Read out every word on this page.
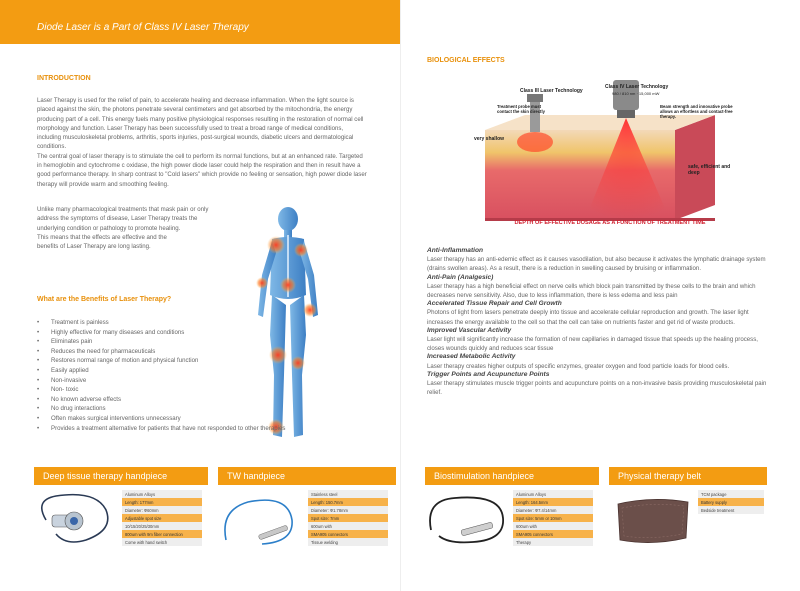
Diode Laser is a Part of Class IV Laser Therapy
INTRODUCTION

Laser Therapy is used for the relief of pain, to accelerate healing and decrease inflammation. When the light source is placed against the skin, the photons penetrate several centimeters and get absorbed by the mitochondria, the energy producing part of a cell. This energy fuels many positive physiological responses resulting in the restoration of normal cell morphology and function. Laser Therapy has been successfully used to treat a broad range of medical conditions, including musculoskeletal problems, arthritis, sports injuries, post-surgical wounds, diabetic ulcers and dermatological conditions.

The central goal of laser therapy is to stimulate the cell to perform its normal functions, but at an enhanced rate. Targeted in hemoglobin and cytochrome c oxidase, the high power diode laser could help the respiration and then in result have a good performance therapy. In sharp contrast to "Cold lasers" which provide no feeling or sensation, high power diode laser therapy will provide warm and smoothing feeling.

Unlike many pharmacological treatments that mask pain or only

address the symptoms of disease, Laser Therapy treats the

underlying condition or pathology to promote healing.

This means that the effects are effective and the

benefits of Laser Therapy are long lasting.

What are the Benefits of Laser Therapy?
• Treatment is painless
• Highly effective for many diseases and conditions
• Eliminates pain
• Reduces the need for pharmaceuticals
• Restores normal range of motion and physical function
• Easily applied
• Non-invasive
• Non- toxic
• No known adverse effects
• No drug interactions
• Often makes surgical interventions unnecessary
• Provides a treatment alternative for patients that have not responded to other therapies
BIOLOGICAL EFFECTS
Class III Laser Technology
Class IV Laser Technology
980 / 810 nm · 15,000 mW
Treatment probe must contact the skin directly
Beam strength and innovative probe allows an effortless and contact-free therapy.
very shallow
safe, efficient and deep
DEPTH OF EFFECTIVE DOSAGE AS A FUNCTION OF TREATMENT TIME
Anti-Inflammation
Laser therapy has an anti-edemic effect as it causes vasodilation, but also because it activates the lymphatic drainage system (drains swollen areas). As a result, there is a reduction in swelling caused by bruising or inflammation.
Anti-Pain (Analgesic)
Laser therapy has a high beneficial effect on nerve cells which block pain transmitted by these cells to the brain and which decreases nerve sensitivity. Also, due to less inflammation, there is less edema and less pain
Accelerated Tissue Repair and Cell Growth
Photons of light from lasers penetrate deeply into tissue and accelerate cellular reproduction and growth. The laser light increases the energy available to the cell so that the cell can take on nutrients faster and get rid of waste products.
Improved Vascular Activity
Laser light will significantly increase the formation of new capillaries in damaged tissue that speeds up the healing process, closes wounds quickly and reduces scar tissue
Increased Metabolic Activity
Laser therapy creates higher outputs of specific enzymes, greater oxygen and food particle loads for blood cells.
Trigger Points and Acupuncture Points
Laser therapy stimulates muscle trigger points and acupuncture points on a non-invasive basis providing musculoskeletal pain relief.
Deep tissue therapy handpiece
Aluminum Alloys
Length: 177mm
Diameter: Φ60mm
Adjustable spot size
10/15/20/25/30mm
800um with 9m fiber connection
Come with hand switch
TW handpiece
Stainless steel
Length: 150.7mm
Diameter: Φ1.78mm
Spot size: 7mm
600um with
SMA905 connectors
Tissue welding
Biostimulation handpiece
Aluminum Alloys
Length: 164.5mm
Diameter: Φ7.4/14mm
Spot size: 5mm or 10mm
600um with
SMA905 connectors
Therapy
Physical therapy belt
TCM package
Battery supply
Bedside treatment
